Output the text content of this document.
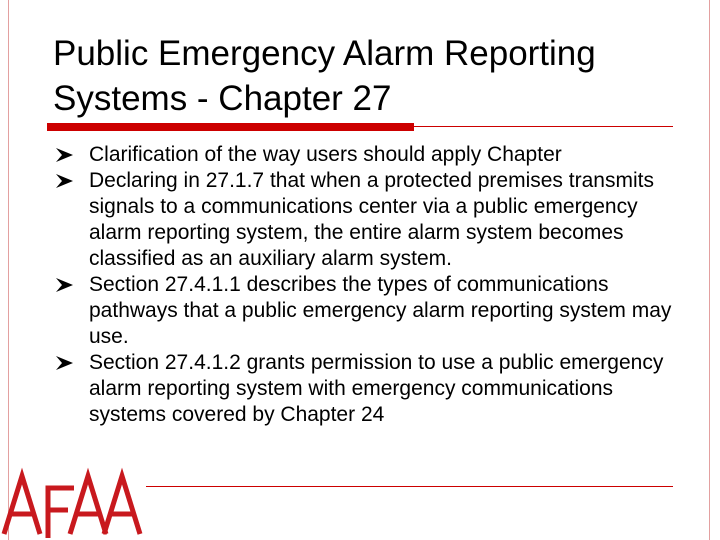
Public Emergency Alarm Reporting Systems - Chapter 27
Clarification of the way users should apply Chapter
Declaring in 27.1.7 that when a protected premises transmits signals to a communications center via a public emergency alarm reporting system, the entire alarm system becomes classified as an auxiliary alarm system.
Section 27.4.1.1 describes the types of communications pathways that a public emergency alarm reporting system may use.
Section 27.4.1.2 grants permission to use a public emergency alarm reporting system with emergency communications systems covered by Chapter 24
